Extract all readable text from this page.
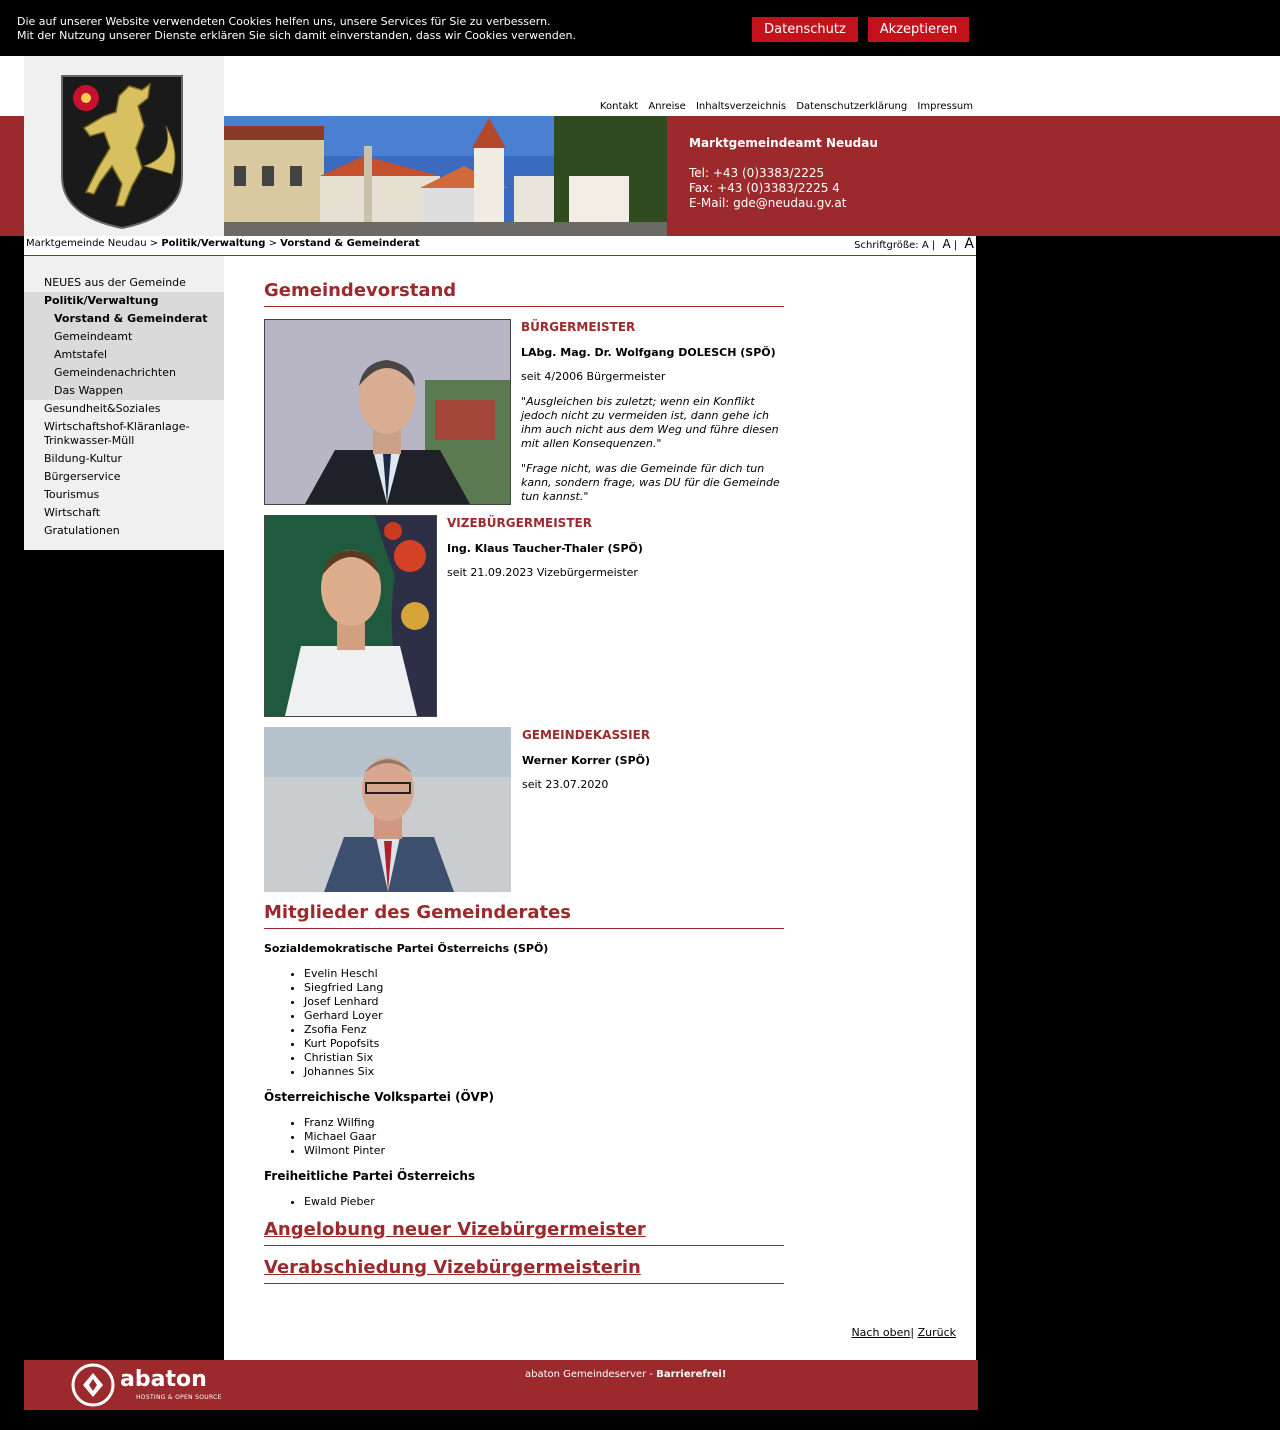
Die auf unserer Website verwendeten Cookies helfen uns, unsere Services für Sie zu verbessern.
Mit der Nutzung unserer Dienste erklären Sie sich damit einverstanden, dass wir Cookies verwenden.	Datenschutz	Akzeptieren
Kontakt Anreise Inhaltsverzeichnis Datenschutzerklärung Impressum
Marktgemeindeamt Neudau
Tel: +43 (0)3383/2225
Fax: +43 (0)3383/2225 4
E-Mail: gde@neudau.gv.at
Marktgemeinde Neudau > Politik/Verwaltung > Vorstand & Gemeinderat	Schriftgröße: A | A | A
NEUES aus der Gemeinde
Politik/Verwaltung
Vorstand & Gemeinderat
Gemeindeamt
Amtstafel
Gemeindenachrichten
Das Wappen
Gesundheit&Soziales
Wirtschaftshof-Kläranlage-
Trinkwasser-Müll
Bildung-Kultur
Bürgerservice
Tourismus
Wirtschaft
Gratulationen
Gemeindevorstand
BÜRGERMEISTER
LAbg. Mag. Dr. Wolfgang DOLESCH (SPÖ)
seit 4/2006 Bürgermeister
"Ausgleichen bis zuletzt; wenn ein Konflikt
jedoch nicht zu vermeiden ist, dann gehe ich
ihm auch nicht aus dem Weg und führe diesen
mit allen Konsequenzen."
"Frage nicht, was die Gemeinde für dich tun
kann, sondern frage, was DU für die Gemeinde
tun kannst."
VIZEBÜRGERMEISTER
Ing. Klaus Taucher-Thaler (SPÖ)
seit 21.09.2023 Vizebürgermeister
GEMEINDEKASSIER
Werner Korrer (SPÖ)
seit 23.07.2020
Mitglieder des Gemeinderates
Sozialdemokratische Partei Österreichs (SPÖ)
• Evelin Heschl
• Siegfried Lang
• Josef Lenhard
• Gerhard Loyer
• Zsofia Fenz
• Kurt Popofsits
• Christian Six
• Johannes Six
Österreichische Volkspartei (ÖVP)
• Franz Wilfing
• Michael Gaar
• Wilmont Pinter
Freiheitliche Partei Österreichs
• Ewald Pieber
Angelobung neuer Vizebürgermeister
Verabschiedung Vizebürgermeisterin
Nach oben| Zurück
abaton
HOSTING & OPEN SOURCE
abaton Gemeindeserver - Barrierefrei!
